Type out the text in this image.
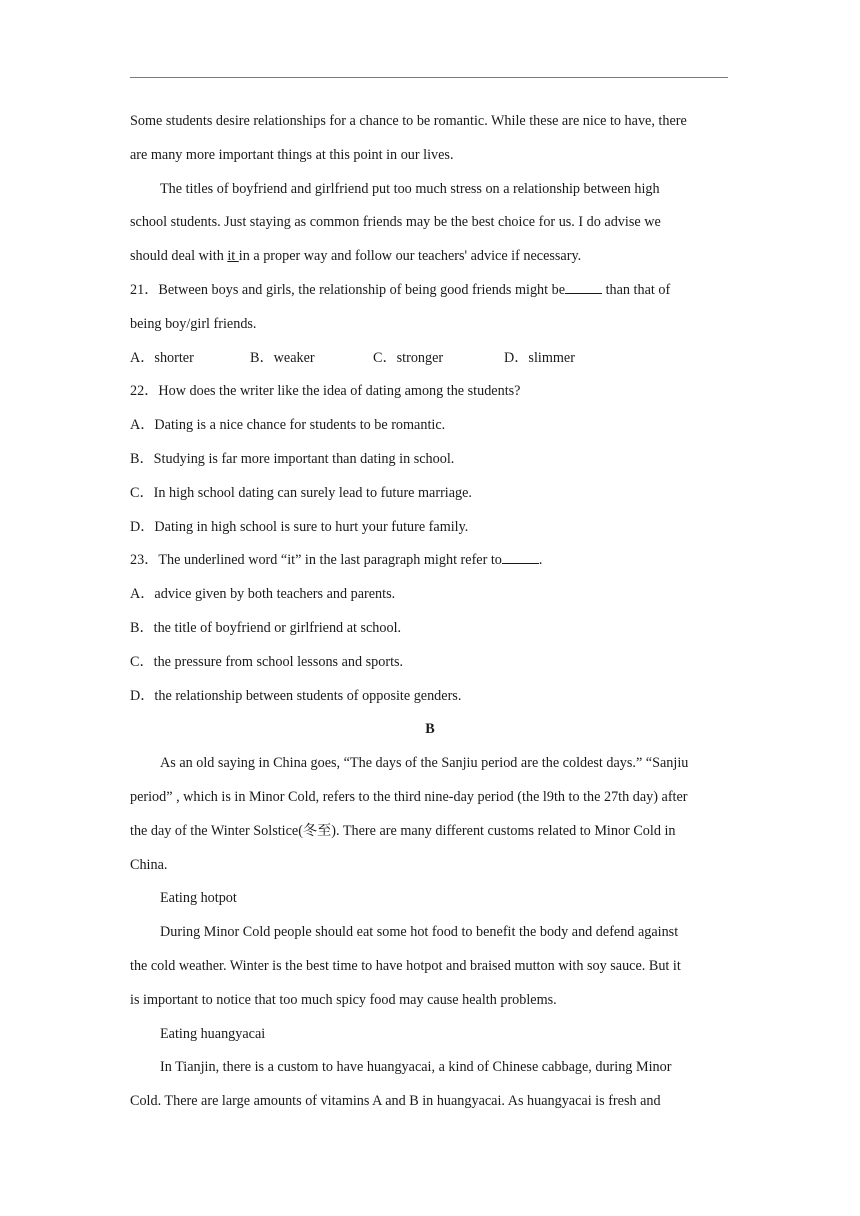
Some students desire relationships for a chance to be romantic. While these are nice to have, there
are many more important things at this point in our lives.
The titles of boyfriend and girlfriend put too much stress on a relationship between high
school students. Just staying as common friends may be the best choice for us. I do advise we
should deal with it in a proper way and follow our teachers' advice if necessary.
21．Between boys and girls, the relationship of being good friends might be	than that of
being boy/girl friends.
A．shorter	B．weaker	C．stronger	D．slimmer
22．How does the writer like the idea of dating among the students?
A．Dating is a nice chance for students to be romantic.
B．Studying is far more important than dating in school.
C．In high school dating can surely lead to future marriage.
D．Dating in high school is sure to hurt your future family.
23．The underlined word “it” in the last paragraph might refer to	.
A．advice given by both teachers and parents.
B．the title of boyfriend or girlfriend at school.
C．the pressure from school lessons and sports.
D．the relationship between students of opposite genders.
B
As an old saying in China goes, “The days of the Sanjiu period are the coldest days.” “Sanjiu
period” , which is in Minor Cold, refers to the third nine-day period (the l9th to the 27th day) after
the day of the Winter Solstice(冬至). There are many different customs related to Minor Cold in
China.
Eating hotpot
During Minor Cold people should eat some hot food to benefit the body and defend against
the cold weather. Winter is the best time to have hotpot and braised mutton with soy sauce. But it
is important to notice that too much spicy food may cause health problems.
Eating huangyacai
In Tianjin, there is a custom to have huangyacai, a kind of Chinese cabbage, during Minor
Cold. There are large amounts of vitamins A and B in huangyacai. As huangyacai is fresh and
